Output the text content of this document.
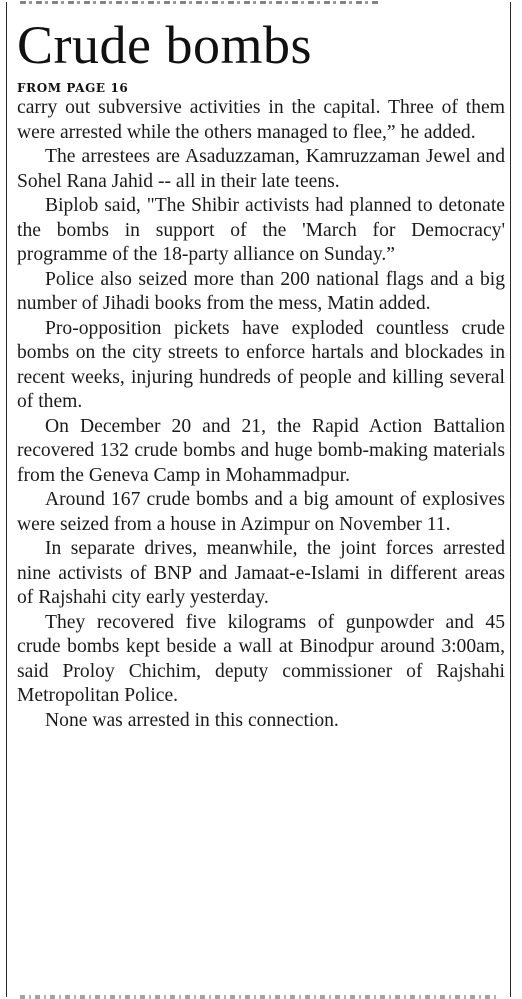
Crude bombs
FROM PAGE 16

carry out subversive activities in the capital. Three of them were arrested while the others managed to flee,” he added.

The arrestees are Asaduzzaman, Kamruzzaman Jewel and Sohel Rana Jahid -- all in their late teens.

Biplob said, "The Shibir activists had planned to detonate the bombs in support of the 'March for Democracy' programme of the 18-party alliance on Sunday.”

Police also seized more than 200 national flags and a big number of Jihadi books from the mess, Matin added.

Pro-opposition pickets have exploded countless crude bombs on the city streets to enforce hartals and blockades in recent weeks, injuring hundreds of people and killing several of them.

On December 20 and 21, the Rapid Action Battalion recovered 132 crude bombs and huge bomb-making materials from the Geneva Camp in Mohammadpur.

Around 167 crude bombs and a big amount of explosives were seized from a house in Azimpur on November 11.

In separate drives, meanwhile, the joint forces arrested nine activists of BNP and Jamaat-e-Islami in different areas of Rajshahi city early yesterday.

They recovered five kilograms of gunpowder and 45 crude bombs kept beside a wall at Binodpur around 3:00am, said Proloy Chichim, deputy commissioner of Rajshahi Metropolitan Police.

None was arrested in this connection.
